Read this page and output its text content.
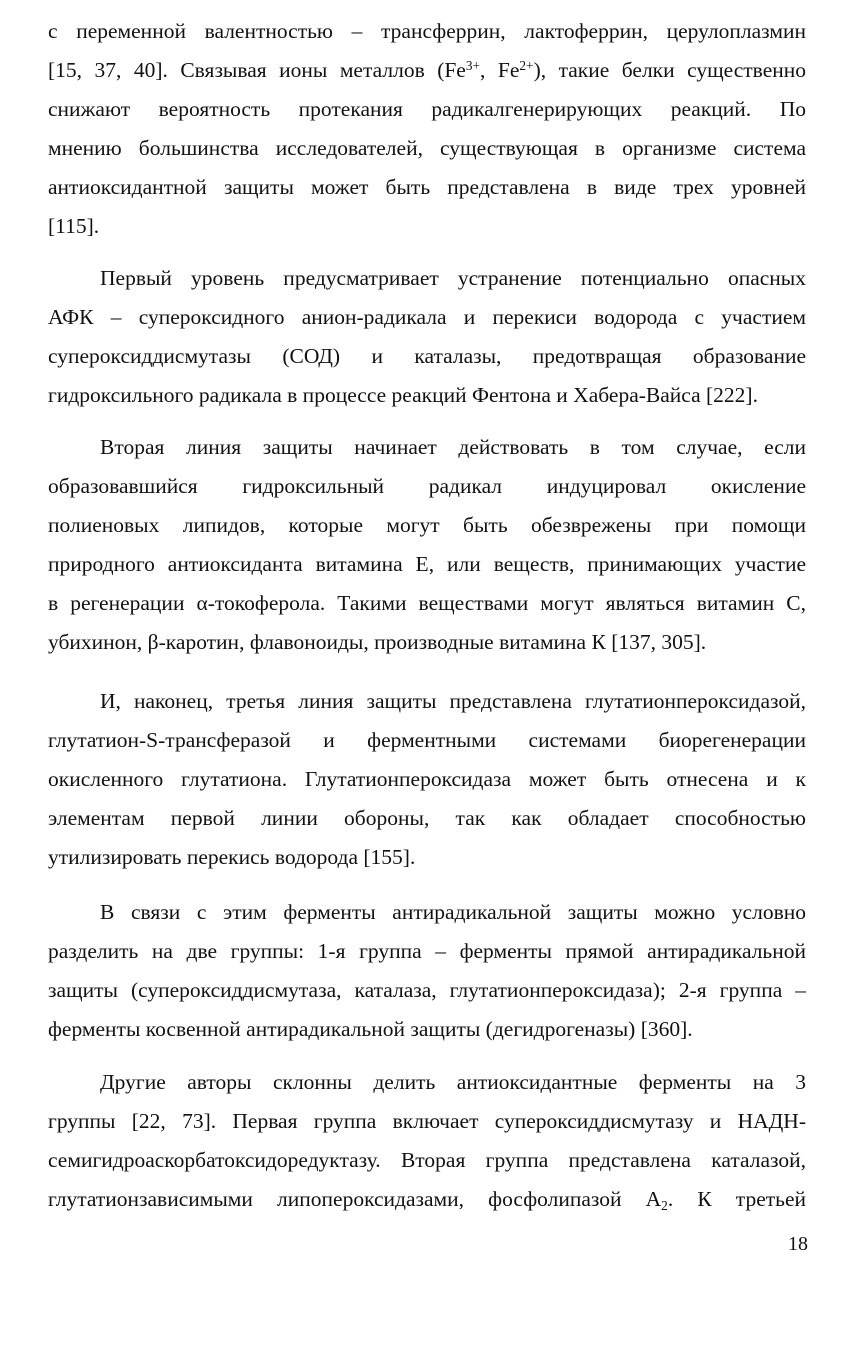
с переменной валентностью – трансферрин, лактоферрин, церулоплазмин
[15, 37, 40]. Связывая ионы металлов ($Fe^{3+}$, $Fe^{2+}$), такие белки существенно
снижают вероятность протекания радикалгенерирующих реакций. По
мнению большинства исследователей, существующая в организме система
антиоксидантной защиты может быть представлена в виде трех уровней
[115].
Первый уровень предусматривает устранение потенциально опасных
АФК – супероксидного анион-радикала и перекиси водорода с участием
супероксиддисмутазы (СОД) и каталазы, предотвращая образование
гидроксильного радикала в процессе реакций Фентона и Хабера-Вайса [222].
Вторая линия защиты начинает действовать в том случае, если
образовавшийся гидроксильный радикал индуцировал окисление
полиеновых липидов, которые могут быть обезврежены при помощи
природного антиоксиданта витамина Е, или веществ, принимающих участие
в регенерации α-токоферола. Такими веществами могут являться витамин С,
убихинон, β-каротин, флавоноиды, производные витамина К [137, 305].
И, наконец, третья линия защиты представлена глутатионпероксидазой,
глутатион-S-трансферазой и ферментными системами биорегенерации
окисленного глутатиона. Глутатионпероксидаза может быть отнесена и к
элементам первой линии обороны, так как обладает способностью
утилизировать перекись водорода [155].
В связи с этим ферменты антирадикальной защиты можно условно
разделить на две группы: 1-я группа – ферменты прямой антирадикальной
защиты (супероксиддисмутаза, каталаза, глутатионпероксидаза); 2-я группа –
ферменты косвенной антирадикальной защиты (дегидрогеназы) [360].
Другие авторы склонны делить антиоксидантные ферменты на 3
группы [22, 73]. Первая группа включает супероксиддисмутазу и НАДН-
семигидроаскорбатоксидоредуктазу. Вторая группа представлена каталазой,
глутатионзависимыми липопероксидазами, фосфолипазой $А_2$. К третьей
18
